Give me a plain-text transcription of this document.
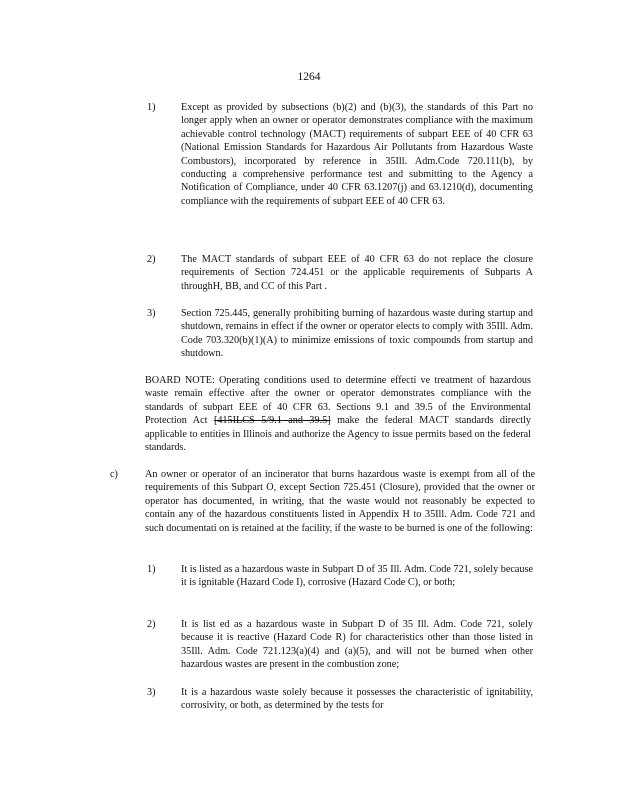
1264
1)	Except as provided by subsections (b)(2) and (b)(3), the standards of this Part no longer apply when an owner or operator demonstrates compliance with the maximum achievable control technology (MACT) requirements of subpart EEE of 40 CFR 63 (National Emission Standards for Hazardous Air Pollutants from Hazardous Waste Combustors), incorporated by reference in 35Ill. Adm.Code 720.111(b), by conducting a comprehensive performance test and submitting to the Agency a Notification of Compliance, under 40 CFR 63.1207(j) and 63.1210(d), documenting compliance with the requirements of subpart EEE of 40 CFR 63.
2)	The MACT standards of subpart EEE of 40 CFR 63 do not replace the closure requirements of Section 724.451 or the applicable requirements of Subparts A throughH, BB, and CC of this Part .
3)	Section 725.445, generally prohibiting burning of hazardous waste during startup and shutdown, remains in effect if the owner or operator elects to comply with 35Ill. Adm. Code 703.320(b)(1)(A) to minimize emissions of toxic compounds from startup and shutdown.
BOARD NOTE: Operating conditions used to determine effecti ve treatment of hazardous waste remain effective after the owner or operator demonstrates compliance with the standards of subpart EEE of 40 CFR 63. Sections 9.1 and 39.5 of the Environmental Protection Act [415ILCS 5/9.1 and 39.5] make the federal MACT standards directly applicable to entities in Illinois and authorize the Agency to issue permits based on the federal standards.
c)	An owner or operator of an incinerator that burns hazardous waste is exempt from all of the requirements of this Subpart O, except Section 725.451 (Closure), provided that the owner or operator has documented, in writing, that the waste would not reasonably be expected to contain any of the hazardous constituents listed in Appendix H to 35Ill. Adm. Code 721 and such documentati on is retained at the facility, if the waste to be burned is one of the following:
1)	It is listed as a hazardous waste in Subpart D of 35 Ill. Adm. Code 721, solely because it is ignitable (Hazard Code I), corrosive (Hazard Code C), or both;
2)	It is list ed as a hazardous waste in Subpart D of 35 Ill. Adm. Code 721, solely because it is reactive (Hazard Code R) for characteristics other than those listed in 35Ill. Adm. Code 721.123(a)(4) and (a)(5), and will not be burned when other hazardous wastes are present in the combustion zone;
3)	It is a hazardous waste solely because it possesses the characteristic of ignitability, corrosivity, or both, as determined by the tests for
